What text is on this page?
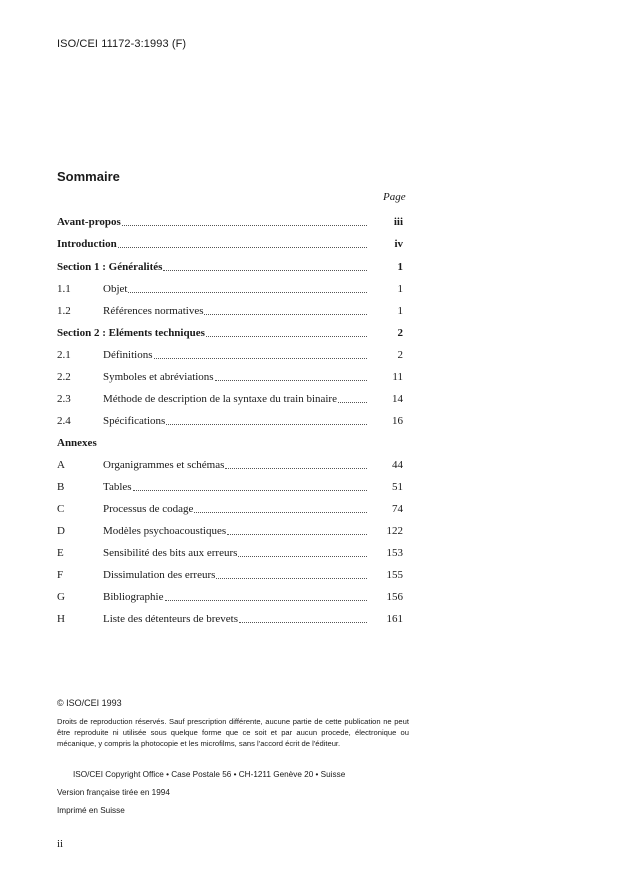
ISO/CEI 11172-3:1993 (F)
Sommaire
Page
Avant-propos	iii
Introduction	iv
Section 1 : Généralités	1
1.1	Objet	1
1.2	Références normatives	1
Section 2 : Eléments techniques	2
2.1	Définitions	2
2.2	Symboles et abréviations	11
2.3	Méthode de description de la syntaxe du train binaire	14
2.4	Spécifications	16
Annexes
A	Organigrammes et schémas	44
B	Tables	51
C	Processus de codage	74
D	Modèles psychoacoustiques	122
E	Sensibilité des bits aux erreurs	153
F	Dissimulation des erreurs	155
G	Bibliographie	156
H	Liste des détenteurs de brevets	161
© ISO/CEI 1993
Droits de reproduction réservés. Sauf prescription différente, aucune partie de cette publication ne peut être reproduite ni utilisée sous quelque forme que ce soit et par aucun procede, électronique ou mécanique, y compris la photocopie et les microfilms, sans l'accord écrit de l'éditeur.
ISO/CEI Copyright Office • Case Postale 56 • CH-1211 Genève 20 • Suisse
Version française tirée en 1994
Imprimé en Suisse
ii
